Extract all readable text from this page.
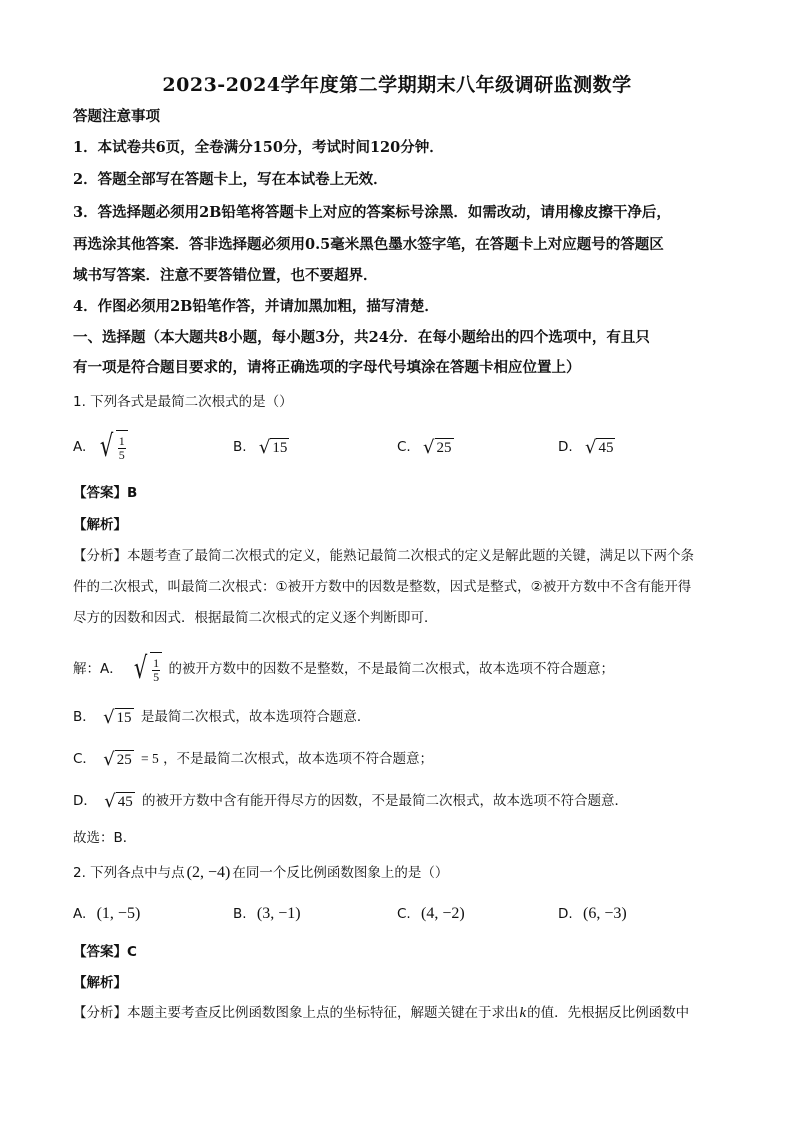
2023-2024学年度第二学期期末八年级调研监测数学
答题注意事项
1．本试卷共6页，全卷满分150分，考试时间120分钟．
2．答题全部写在答题卡上，写在本试卷上无效．
3．答选择题必须用2B铅笔将答题卡上对应的答案标号涂黑．如需改动，请用橡皮擦干净后，
再选涂其他答案．答非选择题必须用0.5毫米黑色墨水签字笔，在答题卡上对应题号的答题区
域书写答案．注意不要答错位置，也不要超界．
4．作图必须用2B铅笔作答，并请加黑加粗，描写清楚．
一、选择题（本大题共8小题，每小题3分，共24分．在每小题给出的四个选项中，有且只
有一项是符合题目要求的，请将正确选项的字母代号填涂在答题卡相应位置上）
1. 下列各式是最简二次根式的是（）
A. √ $\frac{1}{5}$	B. √ 15	C. √ 25	D. √ 45
【答案】B
【解析】
【分析】本题考查了最简二次根式的定义，能熟记最简二次根式的定义是解此题的关键，满足以下两个条
件的二次根式，叫最简二次根式：①被开方数中的因数是整数，因式是整式，②被开方数中不含有能开得
尽方的因数和因式．根据最简二次根式的定义逐个判断即可．
解：A． √ $\frac{1}{5}$ 的被开方数中的因数不是整数，不是最简二次根式，故本选项不符合题意；
B． √ 15 是最简二次根式，故本选项符合题意．
C． √ 25 = 5 ，不是最简二次根式，故本选项不符合题意；
D． √ 45 的被开方数中含有能开得尽方的因数，不是最简二次根式，故本选项不符合题意．
故选：B．
2. 下列各点中与点 (2, −4) 在同一个反比例函数图象上的是（）
A. (1, −5)	B. (3, −1)	C. (4, −2)	D. (6, −3)
【答案】C
【解析】
【分析】本题主要考查反比例函数图象上点的坐标特征，解题关键在于求出k的值．先根据反比例函数中
